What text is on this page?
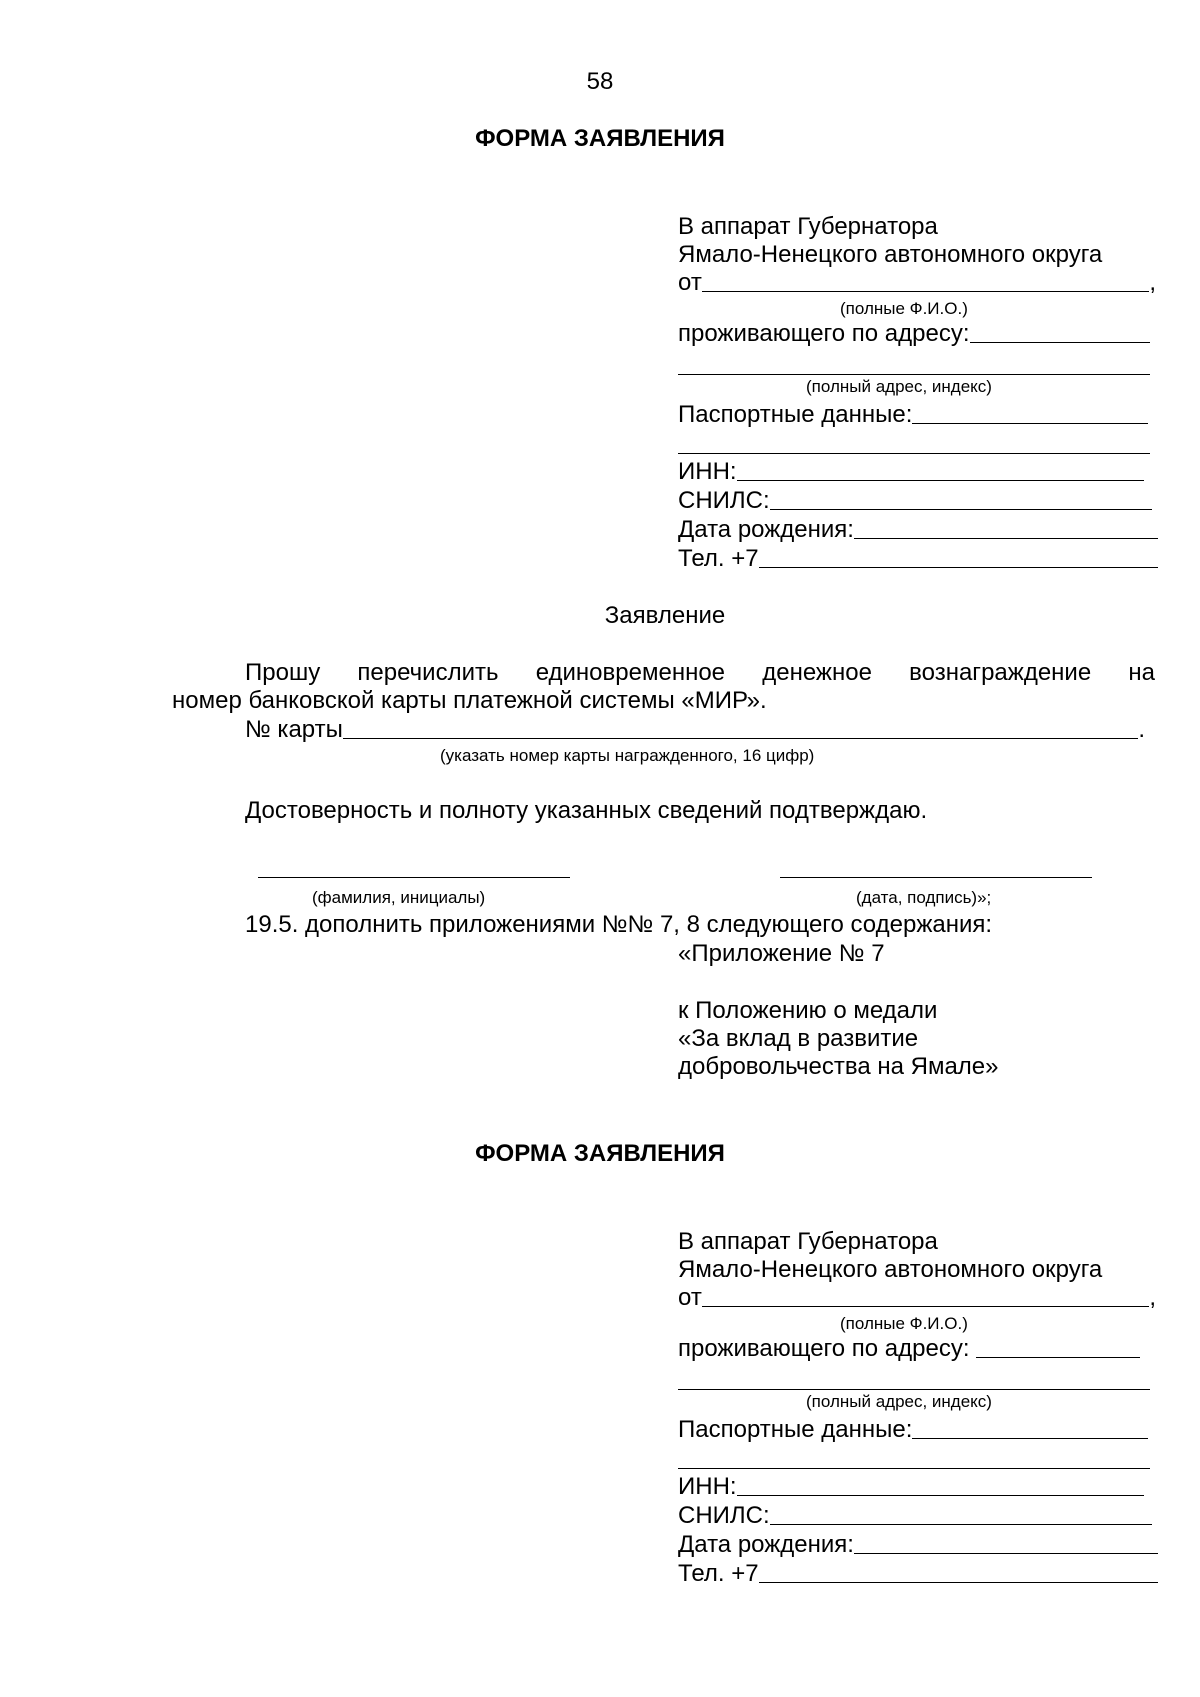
58
ФОРМА ЗАЯВЛЕНИЯ
В аппарат Губернатора
Ямало-Ненецкого автономного округа
от	,
(полные Ф.И.О.)
проживающего по адресу:
(полный адрес, индекс)
Паспортные данные:
ИНН:
СНИЛС:
Дата рождения:
Тел. +7
Заявление
Прошу перечислить единовременное денежное вознаграждение на
номер банковской карты платежной системы «МИР».
№ карты	.
(указать номер карты награжденного, 16 цифр)
Достоверность и полноту указанных сведений подтверждаю.
(фамилия, инициалы)	(дата, подпись)»;
19.5. дополнить приложениями №№ 7, 8 следующего содержания:
«Приложение № 7
к Положению о медали
«За вклад в развитие
добровольчества на Ямале»
ФОРМА ЗАЯВЛЕНИЯ
В аппарат Губернатора
Ямало-Ненецкого автономного округа
от	,
(полные Ф.И.О.)
проживающего по адресу:
(полный адрес, индекс)
Паспортные данные:
ИНН:
СНИЛС:
Дата рождения:
Тел. +7
